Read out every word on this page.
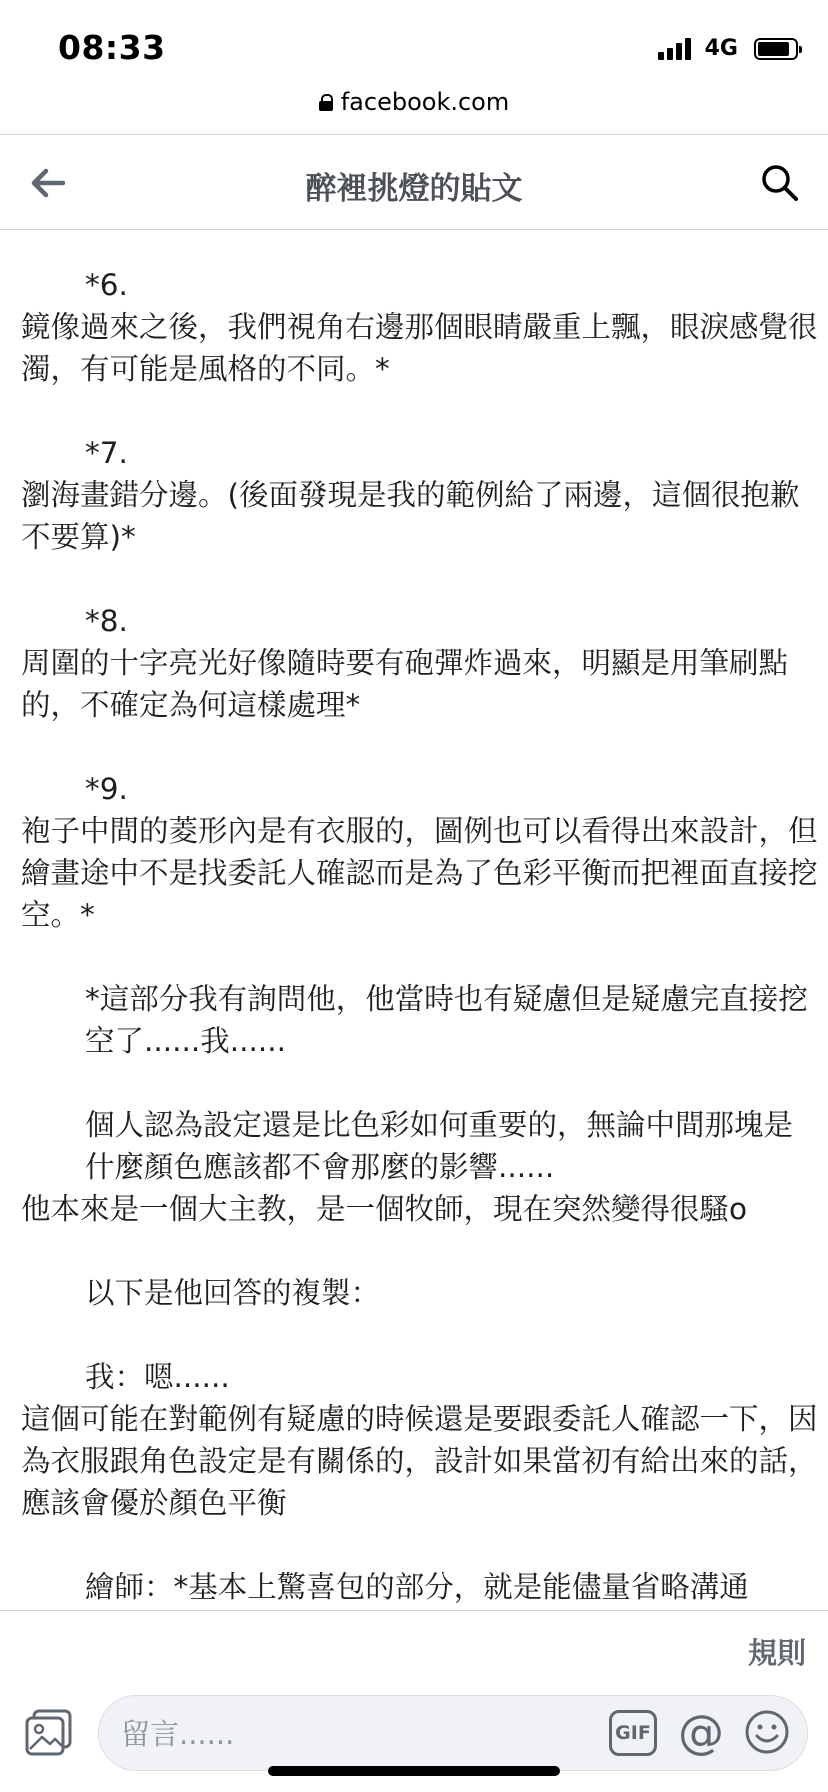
08:33	4G
facebook.com
醉裡挑燈的貼文

*6.

鏡像過來之後，我們視角右邊那個眼睛嚴重上飄，眼淚感覺很濁，有可能是風格的不同。*

*7.

瀏海畫錯分邊。(後面發現是我的範例給了兩邊，這個很抱歉不要算)*

*8.

周圍的十字亮光好像隨時要有砲彈炸過來，明顯是用筆刷點的，不確定為何這樣處理*

*9.

袍子中間的菱形內是有衣服的，圖例也可以看得出來設計，但繪畫途中不是找委託人確認而是為了色彩平衡而把裡面直接挖空。*

*這部分我有詢問他，他當時也有疑慮但是疑慮完直接挖空了......我......

個人認為設定還是比色彩如何重要的，無論中間那塊是什麼顏色應該都不會那麼的影響......

他本來是一個大主教，是一個牧師，現在突然變得很騷o

以下是他回答的複製：

我：嗯......

這個可能在對範例有疑慮的時候還是要跟委託人確認一下，因為衣服跟角色設定是有關係的，設計如果當初有給出來的話，應該會優於顏色平衡

繪師：*基本上驚喜包的部分，就是能儘量省略溝通

規則
留言......
GIF @
